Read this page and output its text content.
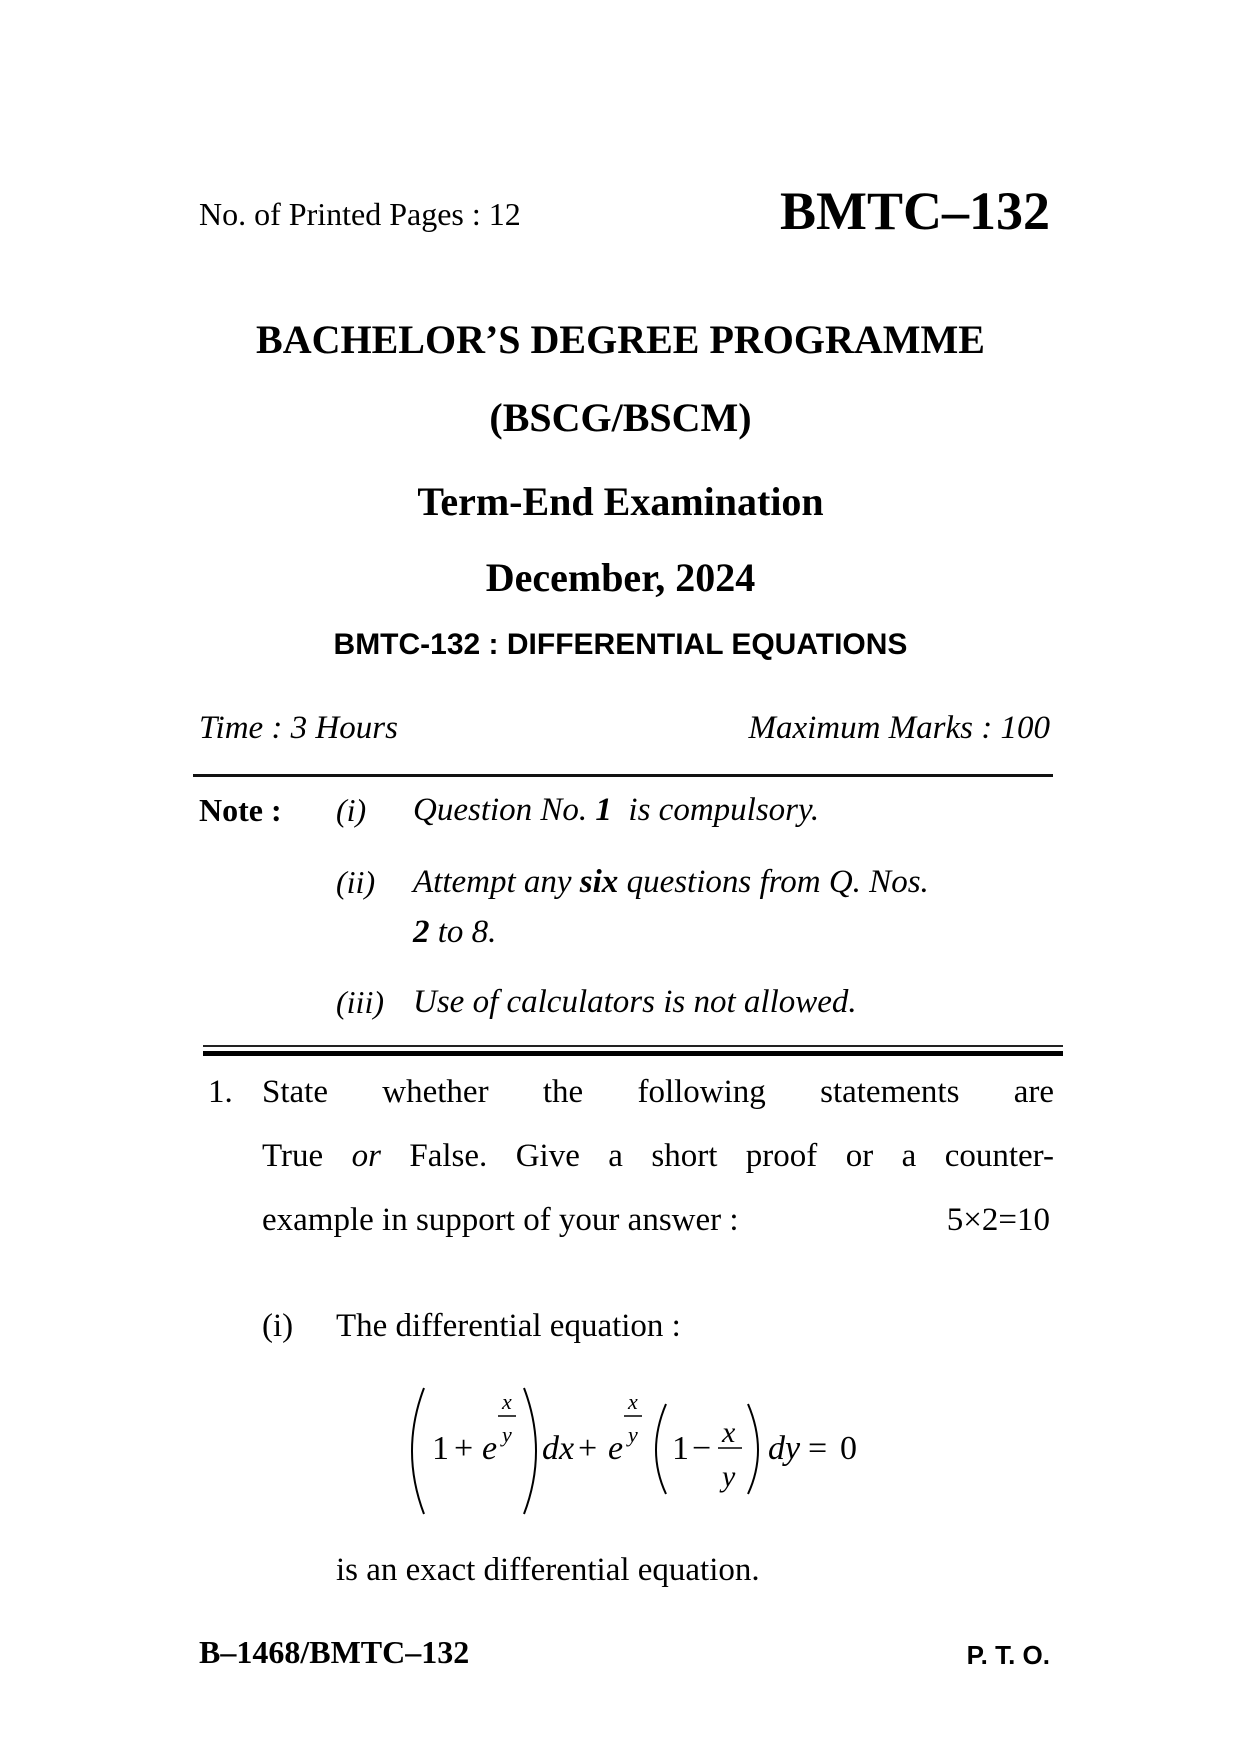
No. of Printed Pages : 12	BMTC–132
BACHELOR’S DEGREE PROGRAMME
(BSCG/BSCM)
Term-End Examination
December, 2024
BMTC-132 : DIFFERENTIAL EQUATIONS
Time : 3 Hours	Maximum Marks : 100
Note : (i) Question No. 1  is compulsory.
(ii) Attempt any six questions from Q. Nos.
2 to 8.
(iii) Use of calculators is not allowed.
1. State whether the following statements are
True or False. Give a short proof or a counter-
example in support of your answer :	5×2=10
(i) The differential equation :
1 + e
x
y dx + e
x
y 1 − x
y
dy = 0
is an exact differential equation.
B–1468/BMTC–132	P. T. O.
